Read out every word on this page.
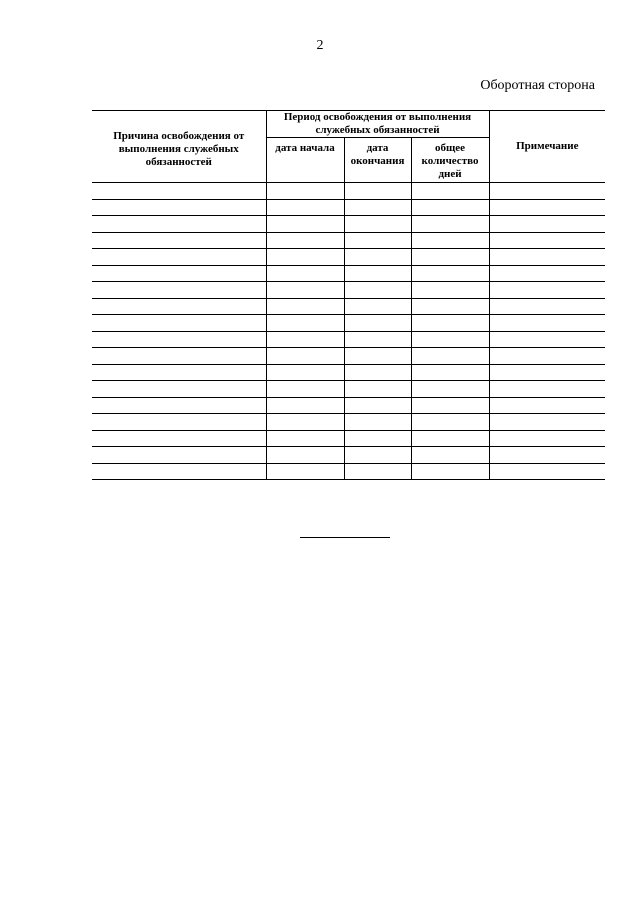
2
Оборотная сторона
Причина освобождения от выполнения служебных обязанностей	Период освобождения от выполнения служебных обязанностей			Примечание
	дата начала	дата окончания	общее количество дней	
